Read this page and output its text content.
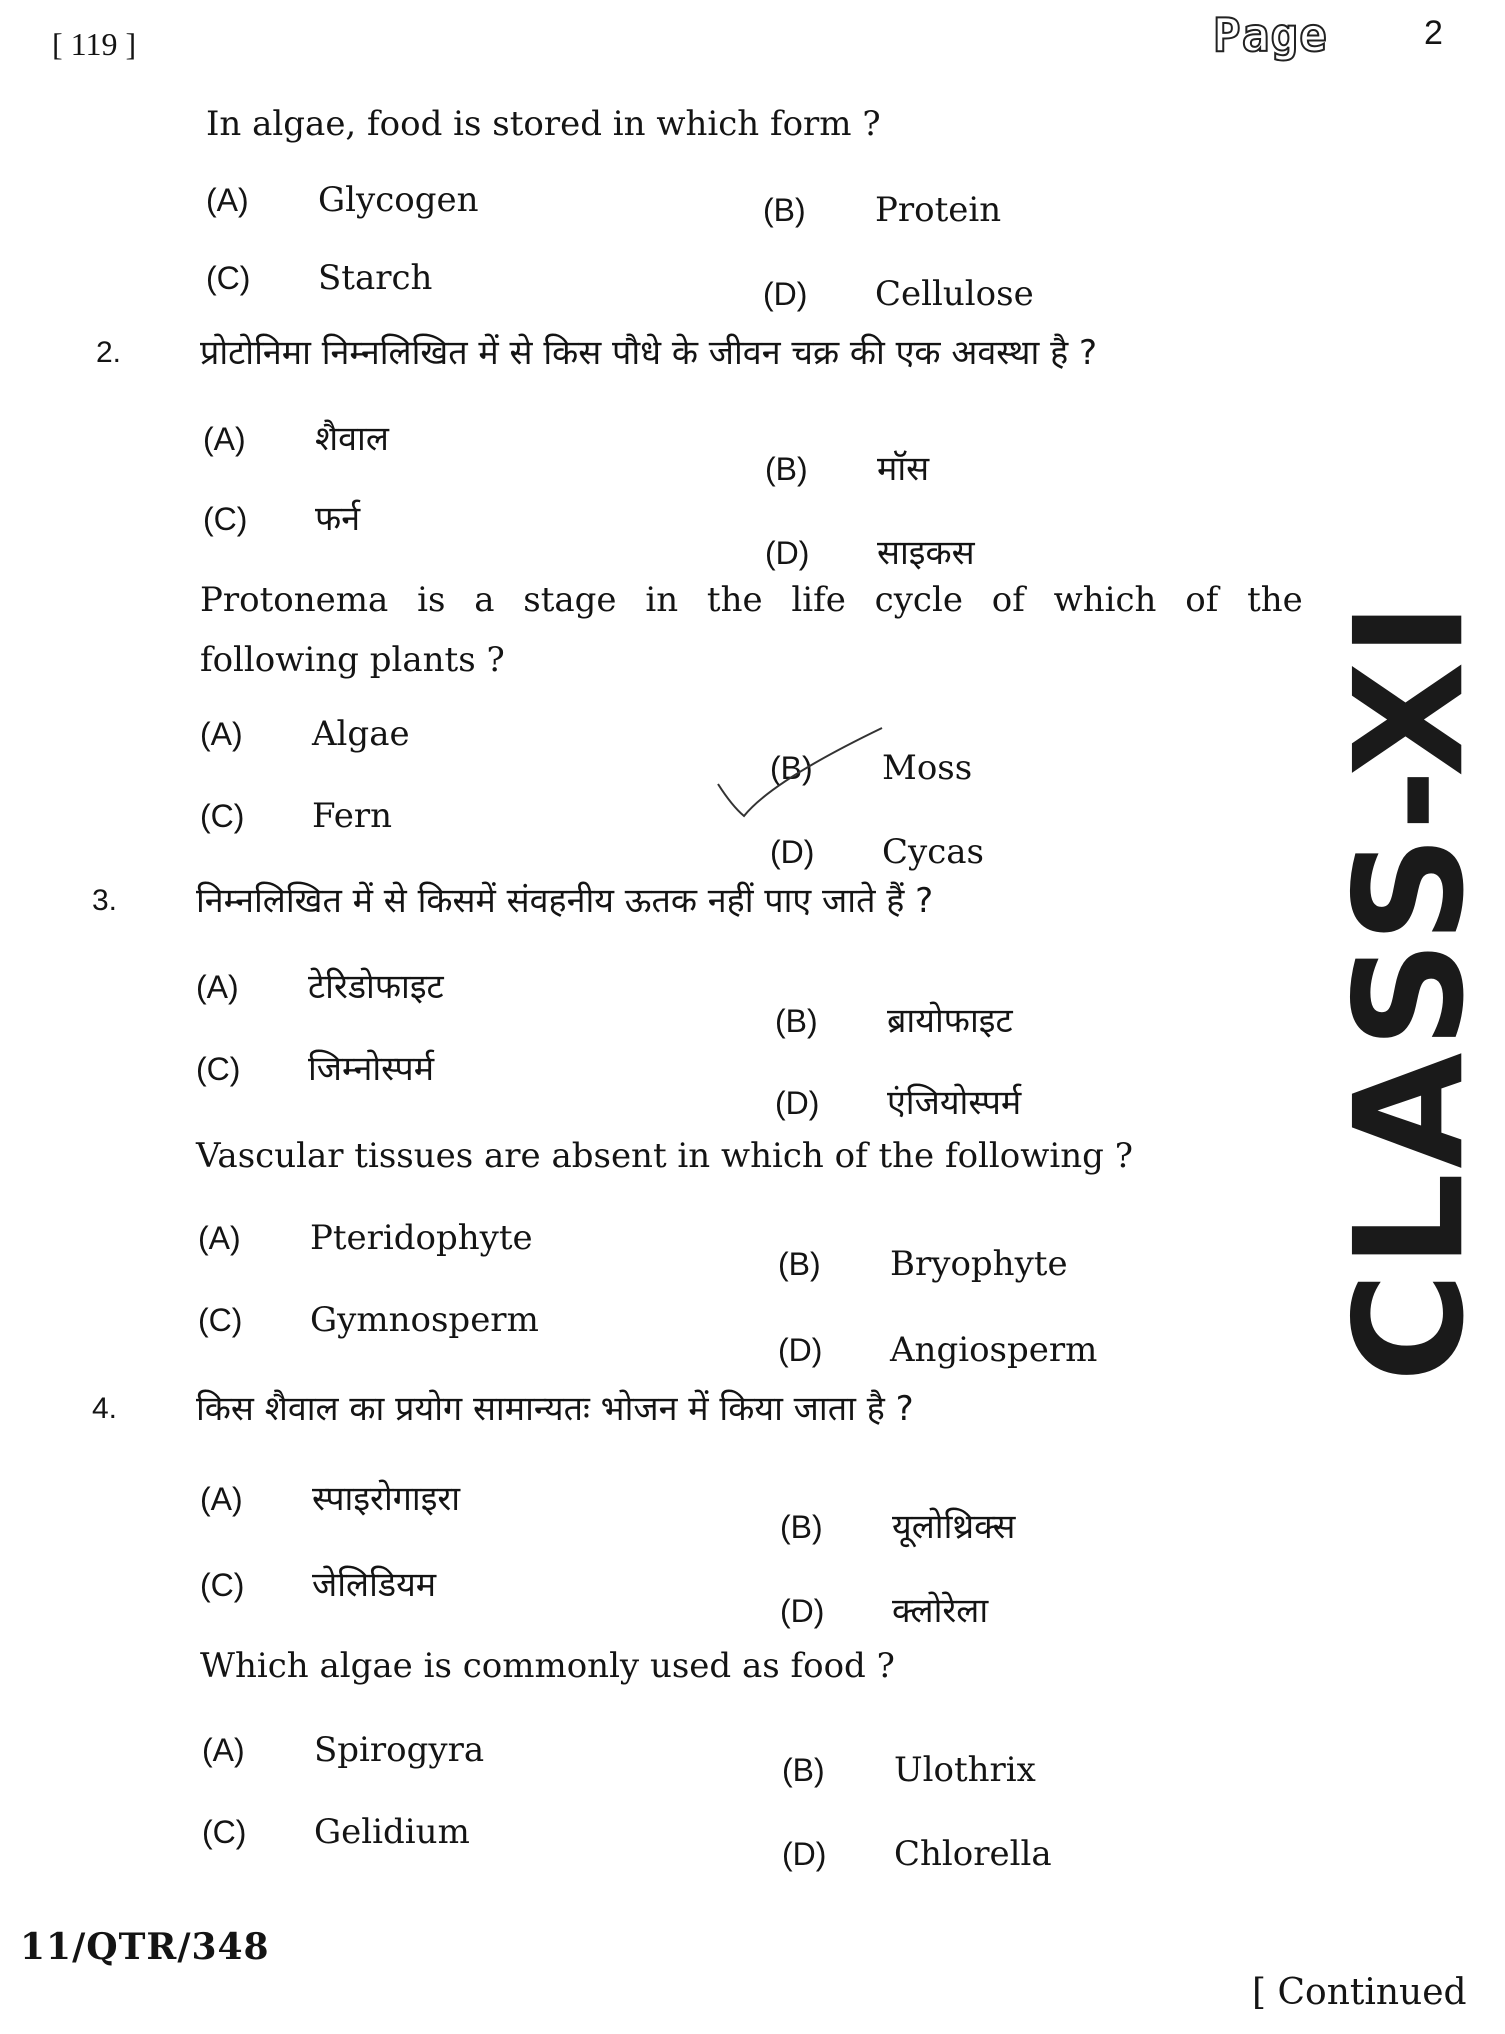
[ 119 ]	Page	2
In algae, food is stored in which form ?
(A)	Glycogen	(B)	Protein
(C)	Starch	(D)	Cellulose
2. प्रोटोनिमा निम्नलिखित में से किस पौधे के जीवन चक्र की एक अवस्था है ?
(A)	शैवाल
(B)	मॉस
(C)	फर्न
(D)	साइकस
Protonema is a stage in the life cycle of which of the
following plants ?
(A)	Algae
(B)	Moss
(C)	Fern
(D)	Cycas
3. निम्नलिखित में से किसमें संवहनीय ऊतक नहीं पाए जाते हैं ?
(A)	टेरिडोफाइट
(B)	ब्रायोफाइट
(C)	जिम्नोस्पर्म
(D)	एंजियोस्पर्म
Vascular tissues are absent in which of the following ?
(A)	Pteridophyte
(B)	Bryophyte
(C)	Gymnosperm
(D)	Angiosperm
4. किस शैवाल का प्रयोग सामान्यतः भोजन में किया जाता है ?
(A)	स्पाइरोगाइरा
(B)	यूलोथ्रिक्स
(C)	जेलिडियम
(D)	क्लोरेला
Which algae is commonly used as food ?
(A)	Spirogyra	(B)	Ulothrix
(C)	Gelidium
(D)	Chlorella
CLASS-XI
11/QTR/348
[ Continued
